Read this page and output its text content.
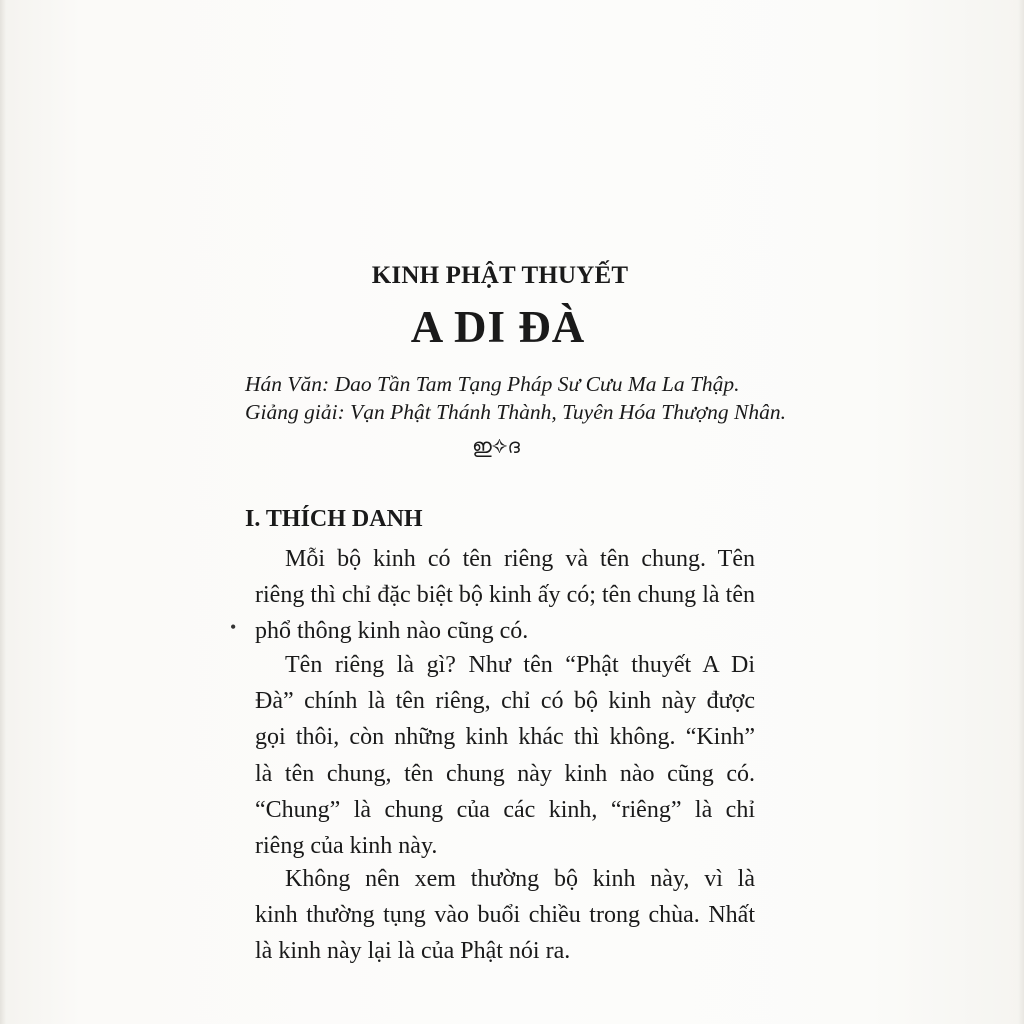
KINH PHẬT THUYẾT
A DI ĐÀ
Hán Văn: Dao Tần Tam Tạng Pháp Sư Cưu Ma La Thập.
Giảng giải: Vạn Phật Thánh Thành, Tuyên Hóa Thượng Nhân.
ഇ✧ദ
I. THÍCH DANH
•
Mỗi bộ kinh có tên riêng và tên chung. Tên
riêng thì chỉ đặc biệt bộ kinh ấy có; tên chung là tên
phổ thông kinh nào cũng có.
Tên riêng là gì? Như tên “Phật thuyết A Di
Đà” chính là tên riêng, chỉ có bộ kinh này được
gọi thôi, còn những kinh khác thì không. “Kinh”
là tên chung, tên chung này kinh nào cũng có.
“Chung” là chung của các kinh, “riêng” là chỉ
riêng của kinh này.
Không nên xem thường bộ kinh này, vì là
kinh thường tụng vào buổi chiều trong chùa. Nhất
là kinh này lại là của Phật nói ra.
